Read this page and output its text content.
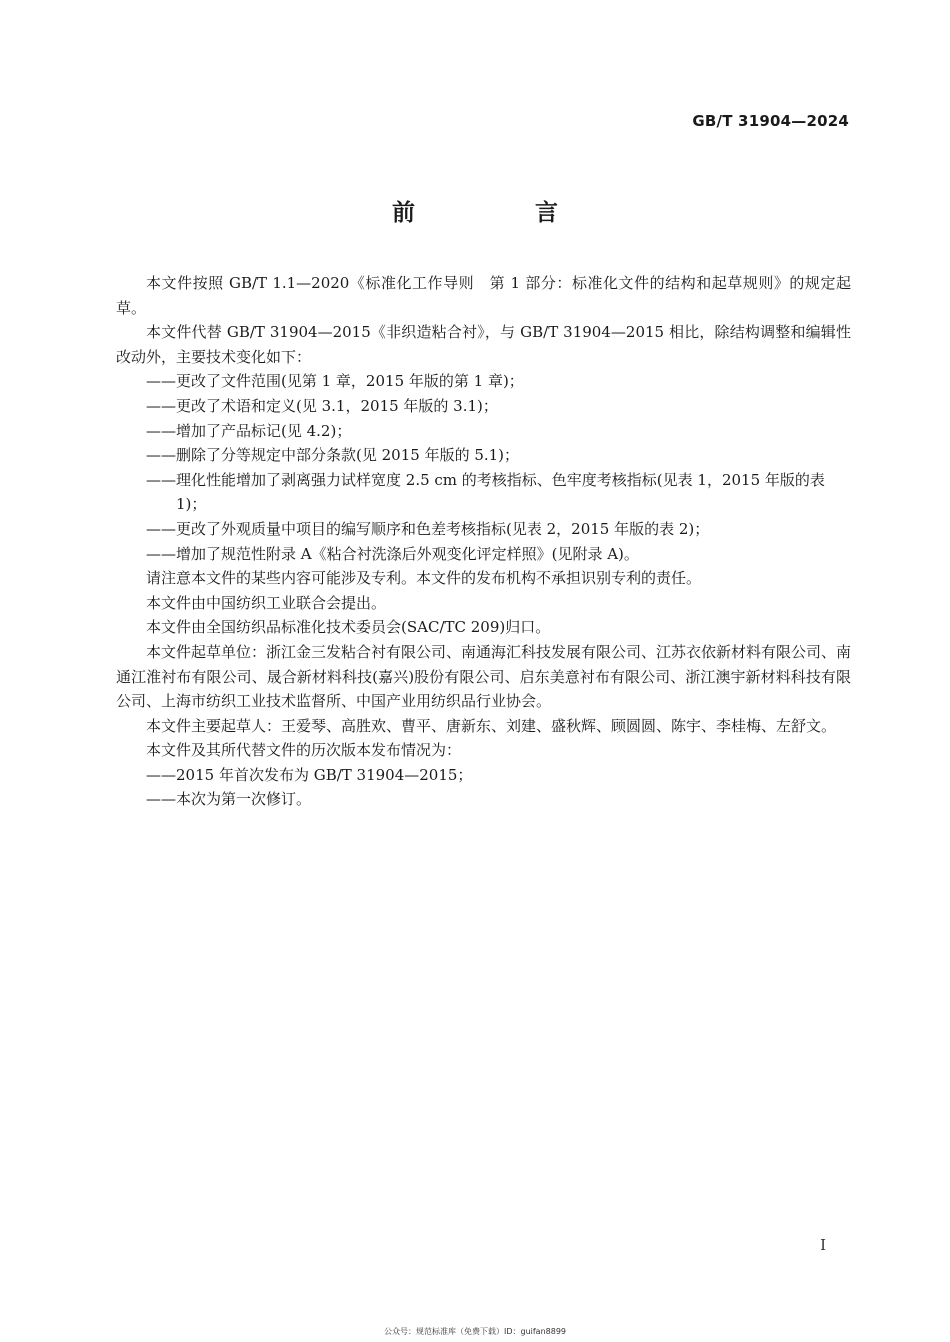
GB/T 31904—2024
前 言

本文件按照 GB/T 1.1—2020《标准化工作导则　第 1 部分：标准化文件的结构和起草规则》的规定起草。

本文件代替 GB/T 31904—2015《非织造粘合衬》，与 GB/T 31904—2015 相比，除结构调整和编辑性改动外，主要技术变化如下：

——更改了文件范围(见第 1 章，2015 年版的第 1 章)；

——更改了术语和定义(见 3.1，2015 年版的 3.1)；

——增加了产品标记(见 4.2)；

——删除了分等规定中部分条款(见 2015 年版的 5.1)；

——理化性能增加了剥离强力试样宽度 2.5 cm 的考核指标、色牢度考核指标(见表 1，2015 年版的表 1)；

——更改了外观质量中项目的编写顺序和色差考核指标(见表 2，2015 年版的表 2)；

——增加了规范性附录 A《粘合衬洗涤后外观变化评定样照》(见附录 A)。

请注意本文件的某些内容可能涉及专利。本文件的发布机构不承担识别专利的责任。

本文件由中国纺织工业联合会提出。

本文件由全国纺织品标准化技术委员会(SAC/TC 209)归口。

本文件起草单位：浙江金三发粘合衬有限公司、南通海汇科技发展有限公司、江苏衣依新材料有限公司、南通江淮衬布有限公司、晟合新材料科技(嘉兴)股份有限公司、启东美意衬布有限公司、浙江澳宇新材料科技有限公司、上海市纺织工业技术监督所、中国产业用纺织品行业协会。

本文件主要起草人：王爱琴、高胜欢、曹平、唐新东、刘建、盛秋辉、顾圆圆、陈宇、李桂梅、左舒文。

本文件及其所代替文件的历次版本发布情况为：

——2015 年首次发布为 GB/T 31904—2015；

——本次为第一次修订。

I
公众号：规范标准库（免费下载）ID：guifan8899
